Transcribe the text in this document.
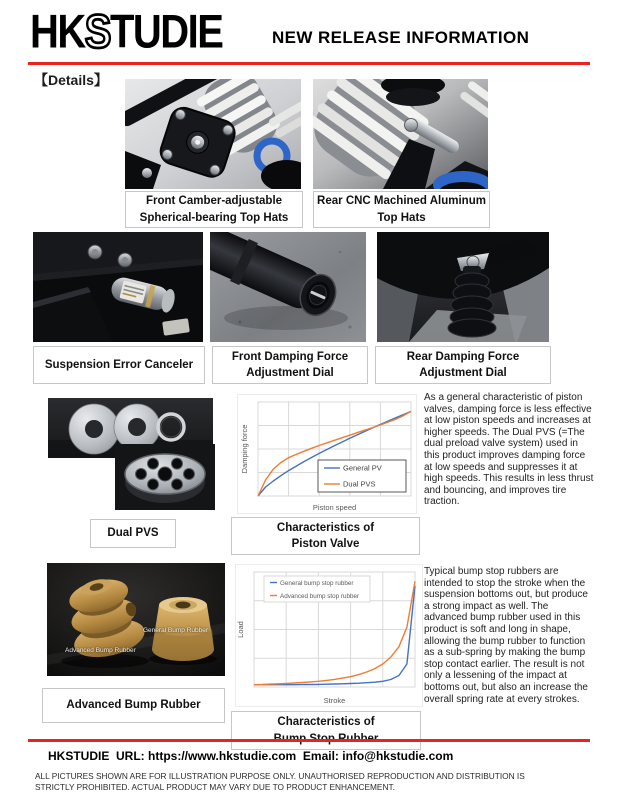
HKSTUDIE	NEW RELEASE INFORMATION
【Details】
Front Camber-adjustable
Spherical-bearing Top Hats
Rear CNC Machined Aluminum
Top Hats
Suspension Error Canceler
Front Damping Force
Adjustment Dial
Rear Damping Force
Adjustment Dial
Dual PVS
Damping force
Piston speed
General PV
Dual PVS
Characteristics of
Piston Valve
As a general characteristic of piston valves, damping force is less effective at low piston speeds and increases at higher speeds. The Dual PVS (=The dual preload valve system) used in this product improves damping force at low speeds and suppresses it at high speeds. This results in less thrust and bouncing, and improves tire traction.
Advanced Bump Rubber
General Bump Rubber
Advanced Bump Rubber
Load
Stroke
General bump stop rubber
Advanced bump stop rubber
Characteristics of
Typical bump stop rubbers are intended to stop the stroke when the suspension bottoms out, but produce a strong impact as well. The advanced bump rubber used in this product is soft and long in shape, allowing the bump rubber to function as a sub-spring by making the bump stop contact earlier. The result is not only a lessening of the impact at bottoms out, but also an increase the overall spring rate at every strokes.
HKSTUDIE  URL: https://www.hkstudie.com  Email: info@hkstudie.com
ALL PICTURES SHOWN ARE FOR ILLUSTRATION PURPOSE ONLY. UNAUTHORISED REPRODUCTION AND DISTRIBUTION IS STRICTLY PROHIBITED. ACTUAL PRODUCT MAY VARY DUE TO PRODUCT ENHANCEMENT.
